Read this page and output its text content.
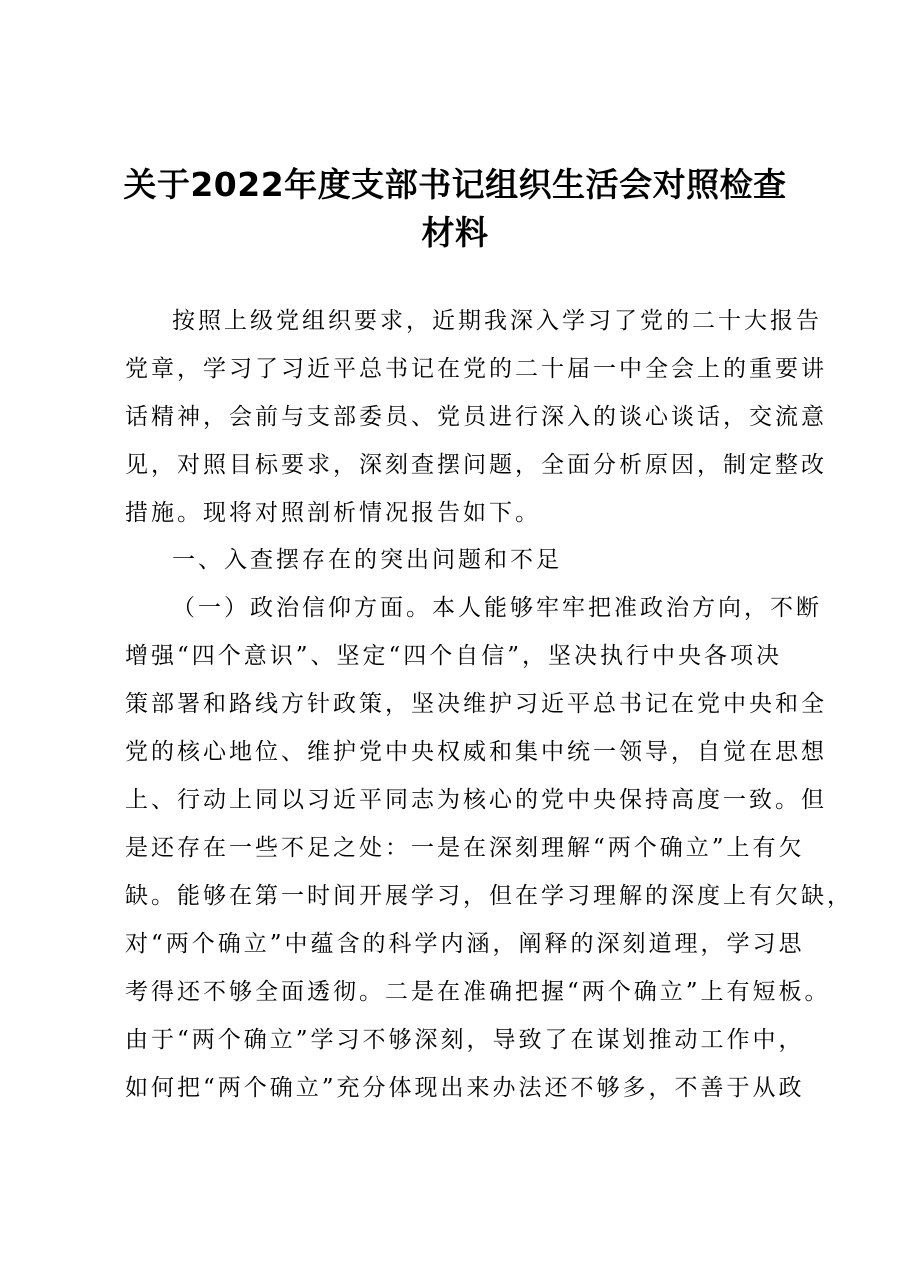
关于2022年度支部书记组织生活会对照检查
材料

按照上级党组织要求，近期我深入学习了党的二十大报告

党章，学习了习近平总书记在党的二十届一中全会上的重要讲

话精神，会前与支部委员、党员进行深入的谈心谈话，交流意

见，对照目标要求，深刻查摆问题，全面分析原因，制定整改

措施。现将对照剖析情况报告如下。

一、入查摆存在的突出问题和不足

（一）政治信仰方面。本人能够牢牢把准政治方向，不断

增强“四个意识”、坚定“四个自信”，坚决执行中央各项决

策部署和路线方针政策，坚决维护习近平总书记在党中央和全

党的核心地位、维护党中央权威和集中统一领导，自觉在思想

上、行动上同以习近平同志为核心的党中央保持高度一致。但

是还存在一些不足之处：一是在深刻理解“两个确立”上有欠

缺。能够在第一时间开展学习，但在学习理解的深度上有欠缺，

对“两个确立”中蕴含的科学内涵，阐释的深刻道理，学习思

考得还不够全面透彻。二是在准确把握“两个确立”上有短板。

由于“两个确立”学习不够深刻，导致了在谋划推动工作中，

如何把“两个确立”充分体现出来办法还不够多，不善于从政
